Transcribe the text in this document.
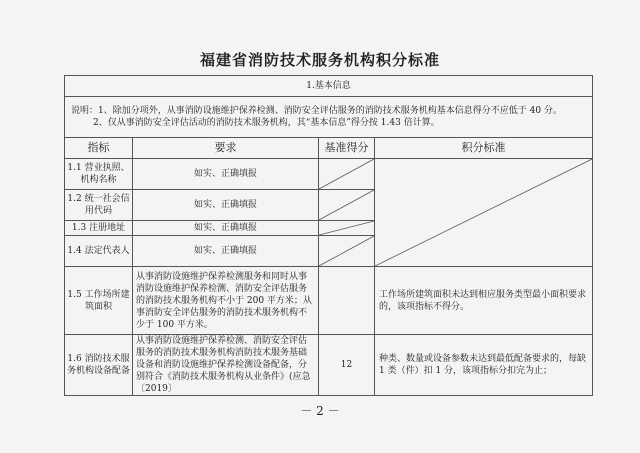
福建省消防技术服务机构积分标准
1.基本信息			

说明：1、除加分项外，从事消防设施维护保养检测、消防安全评估服务的消防技术服务机构基本信息得分不应低于 40 分。
2、仅从事消防安全评估活动的消防技术服务机构，其“基本信息”得分按 1.43 倍计算。			

指标	要求	基准得分	积分标准
1.1 营业执照、机构名称	如实、正确填报	

1.2 统一社会信用代码	如实、正确填报	

1.3 注册地址	如实、正确填报	

1.4 法定代表人	如实、正确填报	

1.5 工作场所建筑面积	从事消防设施维护保养检测服务和同时从事消防设施维护保养检测、消防安全评估服务的消防技术服务机构不小于 200 平方米；从事消防安全评估服务的消防技术服务机构不少于 100 平方米。		工作场所建筑面积未达到相应服务类型最小面积要求的，该项指标不得分。
1.6 消防技术服务机构设备配备	从事消防设施维护保养检测、消防安全评估服务的消防技术服务机构消防技术服务基础设备和消防设施维护保养检测设备配备，分别符合《消防技术服务机构从业条件》(应急〔2019〕	12	种类、数量或设备参数未达到最低配备要求的，每缺 1 类（件）扣 1 分，该项指标分扣完为止；
－ 2 －
